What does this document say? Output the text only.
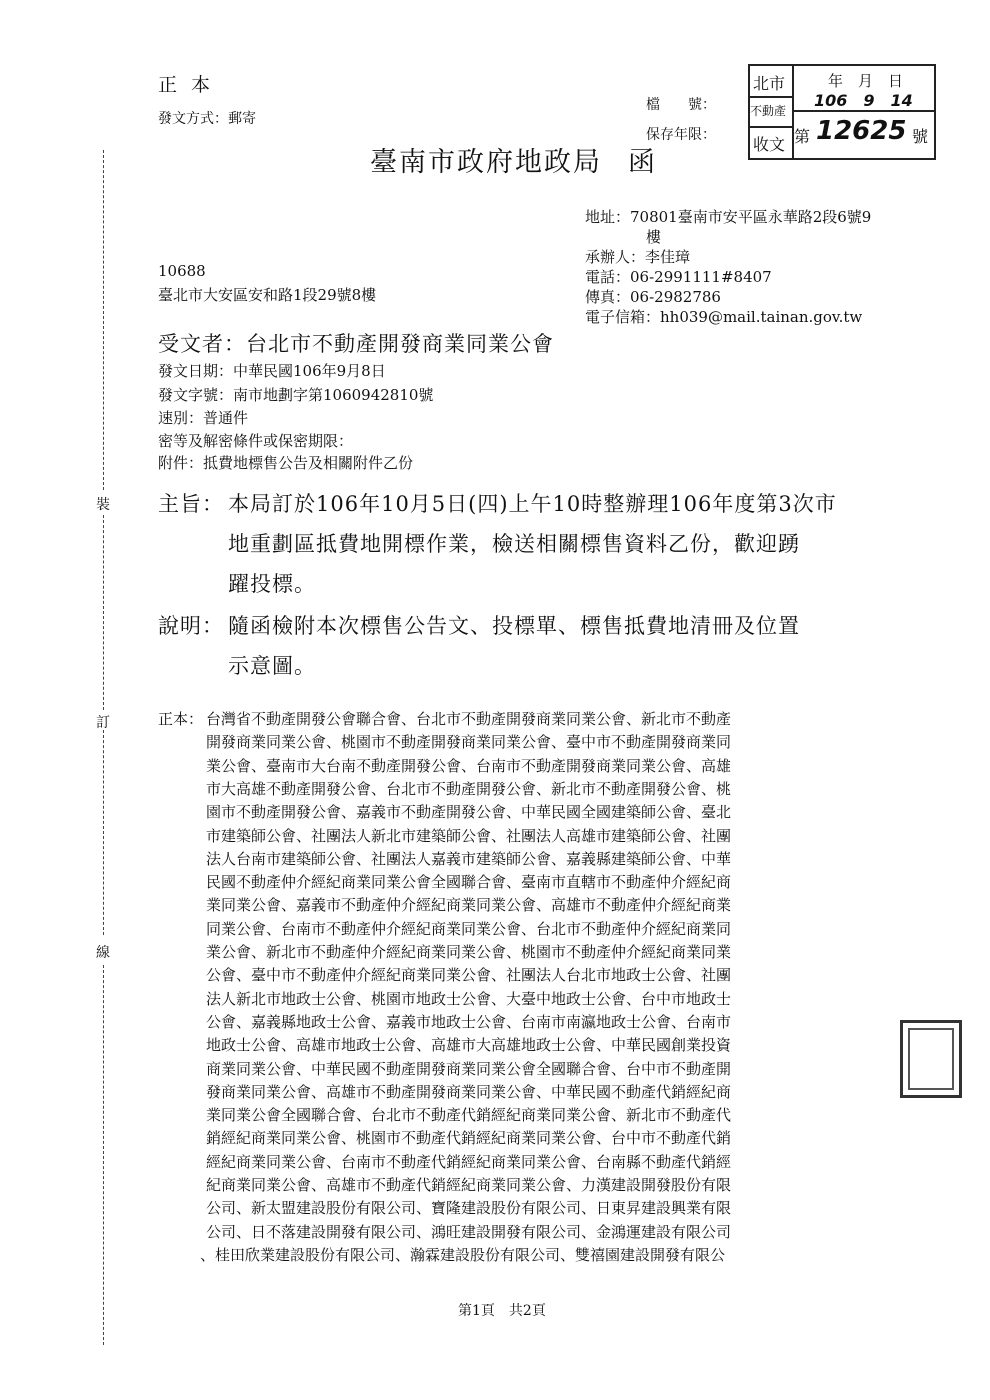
正 本
發文方式：郵寄
檔　　號：
保存年限：
北市
不動產
收文
年　月　日
106　9　14
第 12625 號
臺南市政府地政局 函
地址：70801臺南市安平區永華路2段6號9
樓
承辦人：李佳璋
電話：06-2991111#8407
傳真：06-2982786
電子信箱：hh039@mail.tainan.gov.tw
10688
臺北市大安區安和路1段29號8樓
受文者：台北市不動產開發商業同業公會
發文日期：中華民國106年9月8日
發文字號：南市地劃字第1060942810號
速別：普通件
密等及解密條件或保密期限：
附件：抵費地標售公告及相關附件乙份
裝
訂
線
主旨： 本局訂於106年10月5日(四)上午10時整辦理106年度第3次市
地重劃區抵費地開標作業，檢送相關標售資料乙份，歡迎踴
躍投標。
說明： 隨函檢附本次標售公告文、投標單、標售抵費地清冊及位置
示意圖。
正本： 台灣省不動產開發公會聯合會、台北市不動產開發商業同業公會、新北市不動產
開發商業同業公會、桃園市不動產開發商業同業公會、臺中市不動產開發商業同
業公會、臺南市大台南不動產開發公會、台南市不動產開發商業同業公會、高雄
市大高雄不動產開發公會、台北市不動產開發公會、新北市不動產開發公會、桃
園市不動產開發公會、嘉義市不動產開發公會、中華民國全國建築師公會、臺北
市建築師公會、社團法人新北市建築師公會、社團法人高雄市建築師公會、社團
法人台南市建築師公會、社團法人嘉義市建築師公會、嘉義縣建築師公會、中華
民國不動產仲介經紀商業同業公會全國聯合會、臺南市直轄市不動產仲介經紀商
業同業公會、嘉義市不動產仲介經紀商業同業公會、高雄市不動產仲介經紀商業
同業公會、台南市不動產仲介經紀商業同業公會、台北市不動產仲介經紀商業同
業公會、新北市不動產仲介經紀商業同業公會、桃園市不動產仲介經紀商業同業
公會、臺中市不動產仲介經紀商業同業公會、社團法人台北市地政士公會、社團
法人新北市地政士公會、桃園市地政士公會、大臺中地政士公會、台中市地政士
公會、嘉義縣地政士公會、嘉義市地政士公會、台南市南瀛地政士公會、台南市
地政士公會、高雄市地政士公會、高雄市大高雄地政士公會、中華民國創業投資
商業同業公會、中華民國不動產開發商業同業公會全國聯合會、台中市不動產開
發商業同業公會、高雄市不動產開發商業同業公會、中華民國不動產代銷經紀商
業同業公會全國聯合會、台北市不動產代銷經紀商業同業公會、新北市不動產代
銷經紀商業同業公會、桃園市不動產代銷經紀商業同業公會、台中市不動產代銷
經紀商業同業公會、台南市不動產代銷經紀商業同業公會、台南縣不動產代銷經
紀商業同業公會、高雄市不動產代銷經紀商業同業公會、力漢建設開發股份有限
公司、新太盟建設股份有限公司、寶隆建設股份有限公司、日東昇建設興業有限
公司、日不落建設開發有限公司、鴻旺建設開發有限公司、金鴻運建設有限公司
、桂田欣業建設股份有限公司、瀚霖建設股份有限公司、雙禧園建設開發有限公
第1頁　共2頁
